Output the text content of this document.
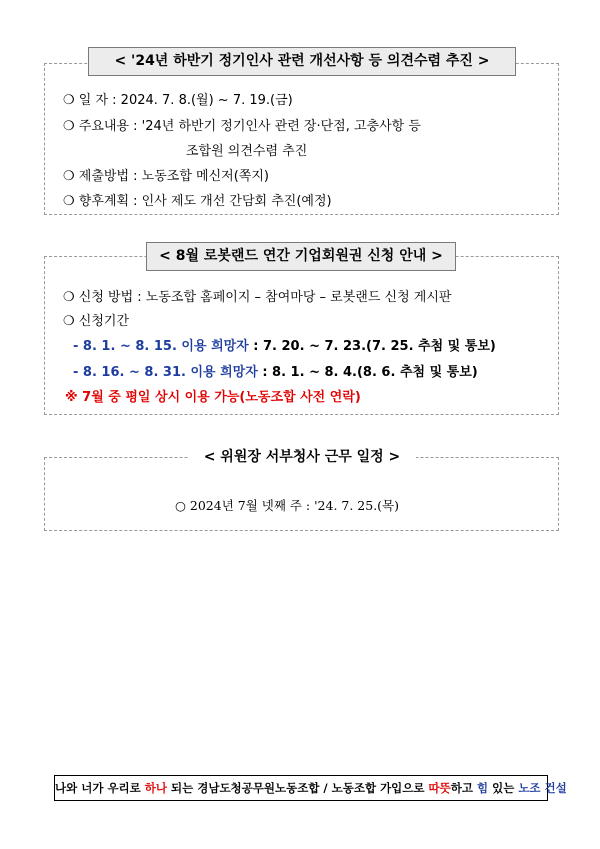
❍ 일 자 : 2024. 7. 8.(월) ~ 7. 19.(금)
❍ 주요내용 : '24년 하반기 정기인사 관련 장·단점, 고충사항 등
조합원 의견수렴 추진
❍ 제출방법 : 노동조합 메신저(쪽지)
❍ 향후계획 : 인사 제도 개선 간담회 추진(예정)
< '24년 하반기 정기인사 관련 개선사항 등 의견수렴 추진 >
❍ 신청 방법 : 노동조합 홈페이지 – 참여마당 – 로봇랜드 신청 게시판
❍ 신청기간
- 8. 1. ~ 8. 15. 이용 희망자 : 7. 20. ~ 7. 23.(7. 25. 추첨 및 통보)
- 8. 16. ~ 8. 31. 이용 희망자 : 8. 1. ~ 8. 4.(8. 6. 추첨 및 통보)
※ 7월 중 평일 상시 이용 가능(노동조합 사전 연락)
< 8월 로봇랜드 연간 기업회원권 신청 안내 >
○ 2024년 7월 넷째 주 : '24. 7. 25.(목)
< 위원장 서부청사 근무 일정 >
나와 너가 우리로 하나 되는 경남도청공무원노동조합 / 노동조합 가입으로 따뜻하고 힘 있는 노조 건설
